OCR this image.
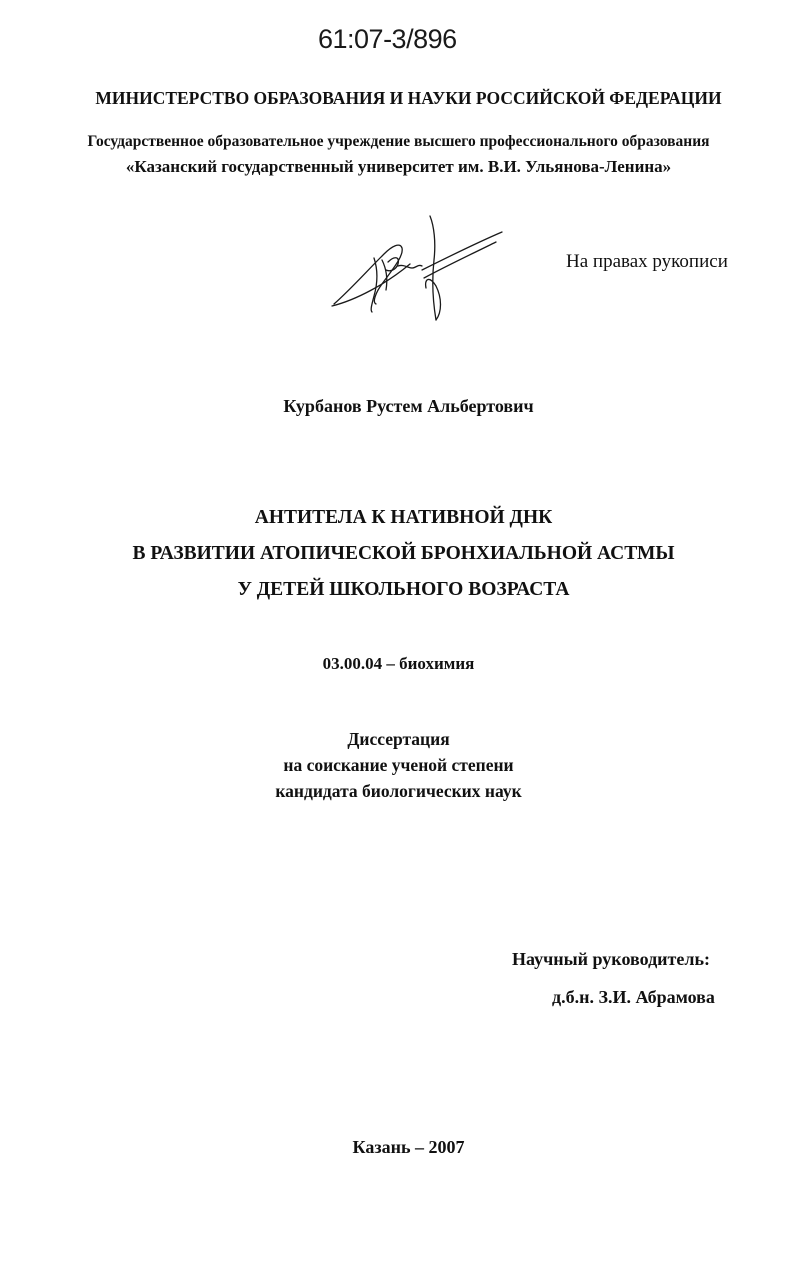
61:07-3/896
МИНИСТЕРСТВО ОБРАЗОВАНИЯ И НАУКИ РОССИЙСКОЙ ФЕДЕРАЦИИ
Государственное образовательное учреждение высшего профессионального образования
«Казанский государственный университет им. В.И. Ульянова-Ленина»
На правах рукописи
Курбанов Рустем Альбертович
АНТИТЕЛА К НАТИВНОЙ ДНК
В РАЗВИТИИ АТОПИЧЕСКОЙ БРОНХИАЛЬНОЙ АСТМЫ
У ДЕТЕЙ ШКОЛЬНОГО ВОЗРАСТА
03.00.04 – биохимия
Диссертация
на соискание ученой степени
кандидата биологических наук
Научный руководитель:
д.б.н. З.И. Абрамова
Казань – 2007
